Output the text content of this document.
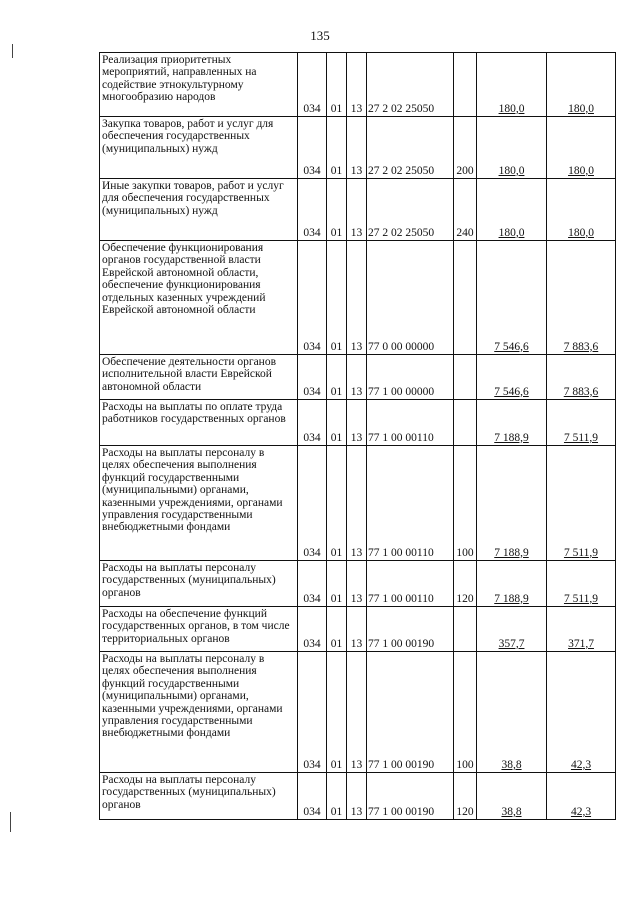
135
Реализация приоритетных мероприятий, направленных на содействие этнокультурному многообразию народов	034	01	13	27 2 02 25050		180,0	180,0
Закупка товаров, работ и услуг для обеспечения государственных (муниципальных) нужд	034	01	13	27 2 02 25050	200	180,0	180,0
Иные закупки товаров, работ и услуг для обеспечения государственных (муниципальных) нужд	034	01	13	27 2 02 25050	240	180,0	180,0
Обеспечение функционирования органов государственной власти Еврейской автономной области, обеспечение функционирования отдельных казенных учреждений Еврейской автономной области	034	01	13	77 0 00 00000		7 546,6	7 883,6
Обеспечение деятельности органов исполнительной власти Еврейской автономной области	034	01	13	77 1 00 00000		7 546,6	7 883,6
Расходы на выплаты по оплате труда работников государственных органов	034	01	13	77 1 00 00110		7 188,9	7 511,9
Расходы на выплаты персоналу в целях обеспечения выполнения функций государственными (муниципальными) органами, казенными учреждениями, органами управления государственными внебюджетными фондами	034	01	13	77 1 00 00110	100	7 188,9	7 511,9
Расходы на выплаты персоналу государственных (муниципальных) органов	034	01	13	77 1 00 00110	120	7 188,9	7 511,9
Расходы на обеспечение функций государственных органов, в том числе территориальных органов	034	01	13	77 1 00 00190		357,7	371,7
Расходы на выплаты персоналу в целях обеспечения выполнения функций государственными (муниципальными) органами, казенными учреждениями, органами управления государственными внебюджетными фондами	034	01	13	77 1 00 00190	100	38,8	42,3
Расходы на выплаты персоналу государственных (муниципальных) органов	034	01	13	77 1 00 00190	120	38,8	42,3
